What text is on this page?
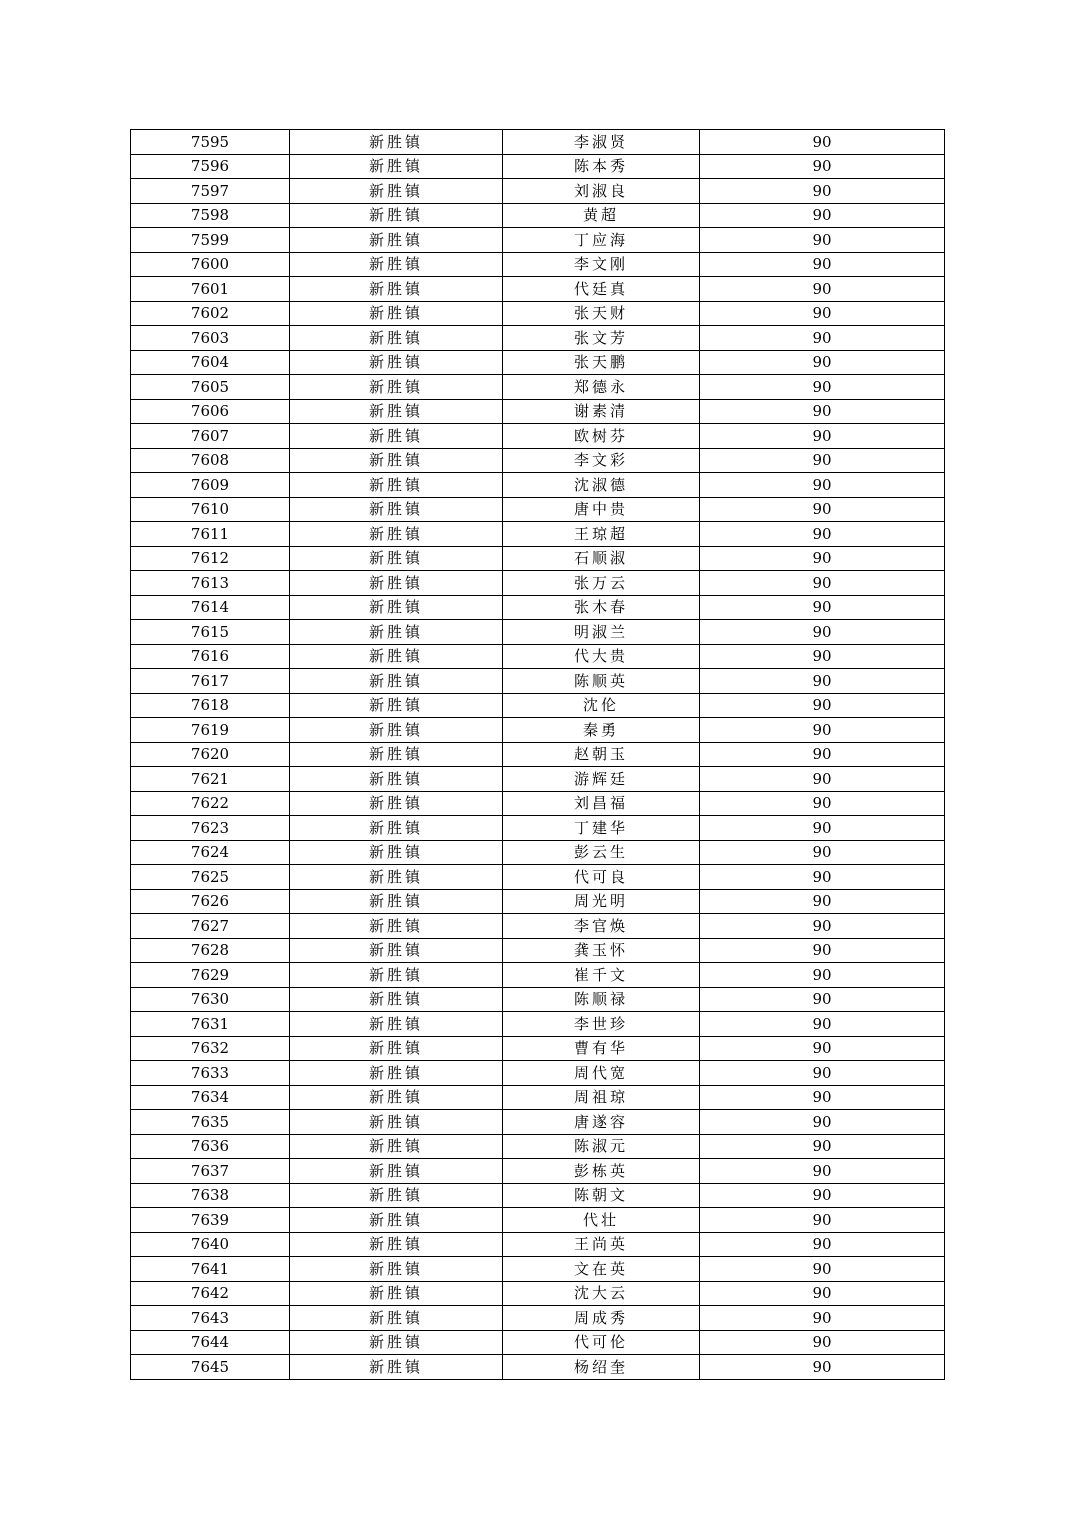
7595	新胜镇	李淑贤	90
7596	新胜镇	陈本秀	90
7597	新胜镇	刘淑良	90
7598	新胜镇	黄超	90
7599	新胜镇	丁应海	90
7600	新胜镇	李文刚	90
7601	新胜镇	代廷真	90
7602	新胜镇	张天财	90
7603	新胜镇	张文芳	90
7604	新胜镇	张天鹏	90
7605	新胜镇	郑德永	90
7606	新胜镇	谢素清	90
7607	新胜镇	欧树芬	90
7608	新胜镇	李文彩	90
7609	新胜镇	沈淑德	90
7610	新胜镇	唐中贵	90
7611	新胜镇	王琼超	90
7612	新胜镇	石顺淑	90
7613	新胜镇	张万云	90
7614	新胜镇	张木春	90
7615	新胜镇	明淑兰	90
7616	新胜镇	代大贵	90
7617	新胜镇	陈顺英	90
7618	新胜镇	沈伦	90
7619	新胜镇	秦勇	90
7620	新胜镇	赵朝玉	90
7621	新胜镇	游辉廷	90
7622	新胜镇	刘昌福	90
7623	新胜镇	丁建华	90
7624	新胜镇	彭云生	90
7625	新胜镇	代可良	90
7626	新胜镇	周光明	90
7627	新胜镇	李官焕	90
7628	新胜镇	龚玉怀	90
7629	新胜镇	崔千文	90
7630	新胜镇	陈顺禄	90
7631	新胜镇	李世珍	90
7632	新胜镇	曹有华	90
7633	新胜镇	周代宽	90
7634	新胜镇	周祖琼	90
7635	新胜镇	唐遂容	90
7636	新胜镇	陈淑元	90
7637	新胜镇	彭栋英	90
7638	新胜镇	陈朝文	90
7639	新胜镇	代壮	90
7640	新胜镇	王尚英	90
7641	新胜镇	文在英	90
7642	新胜镇	沈大云	90
7643	新胜镇	周成秀	90
7644	新胜镇	代可伦	90
7645	新胜镇	杨绍奎	90
